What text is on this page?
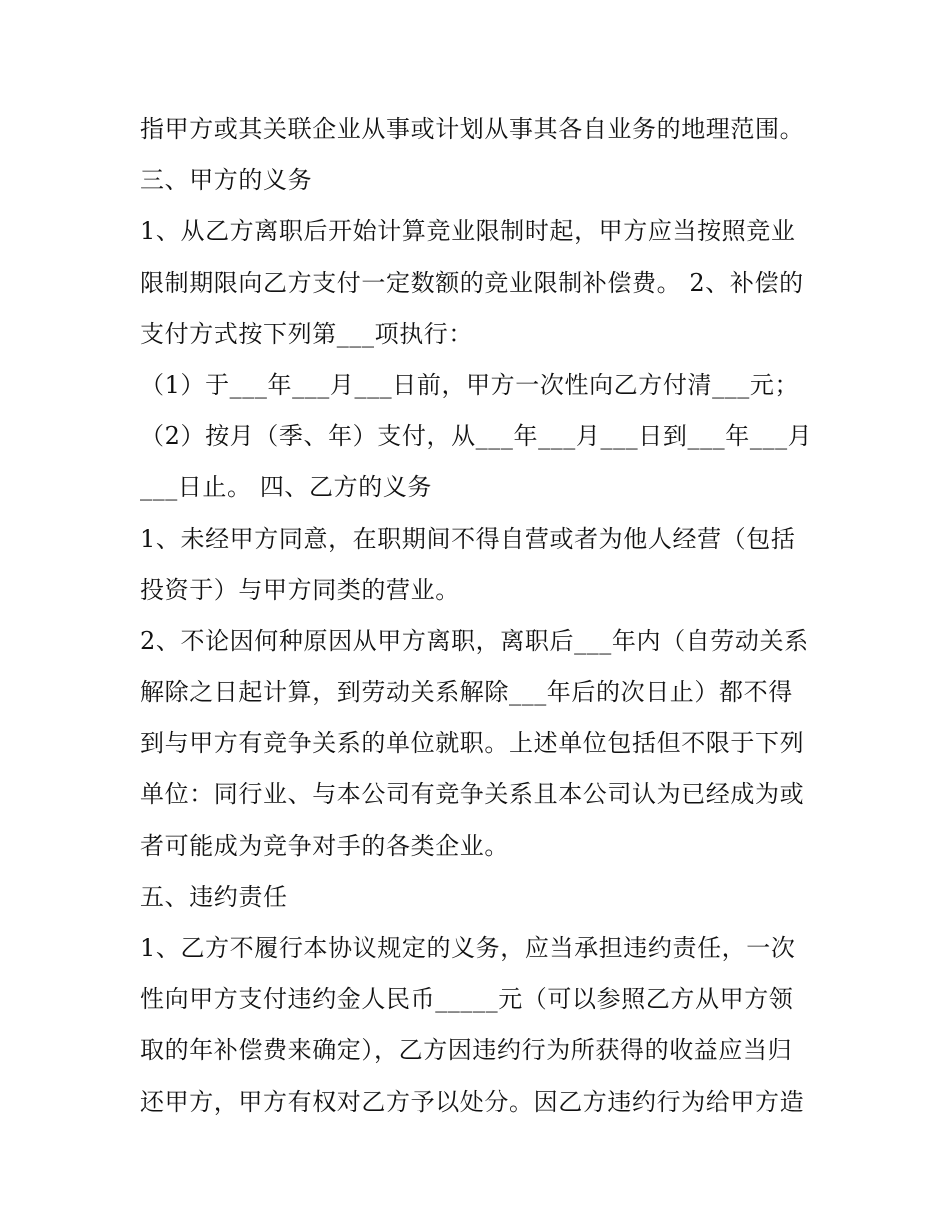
指甲方或其关联企业从事或计划从事其各自业务的地理范围。
三、甲方的义务
1、从乙方离职后开始计算竞业限制时起，甲方应当按照竞业
限制期限向乙方支付一定数额的竞业限制补偿费。 2、补偿的
支付方式按下列第___项执行：
（1）于___年___月___日前，甲方一次性向乙方付清___元；
（2）按月（季、年）支付，从___年___月___日到___年___月
___日止。 四、乙方的义务
1、未经甲方同意，在职期间不得自营或者为他人经营（包括
投资于）与甲方同类的营业。
2、不论因何种原因从甲方离职，离职后___年内（自劳动关系
解除之日起计算，到劳动关系解除___年后的次日止）都不得
到与甲方有竞争关系的单位就职。上述单位包括但不限于下列
单位：同行业、与本公司有竞争关系且本公司认为已经成为或
者可能成为竞争对手的各类企业。
五、违约责任
1、乙方不履行本协议规定的义务，应当承担违约责任，一次
性向甲方支付违约金人民币_____元（可以参照乙方从甲方领
取的年补偿费来确定），乙方因违约行为所获得的收益应当归
还甲方，甲方有权对乙方予以处分。因乙方违约行为给甲方造
